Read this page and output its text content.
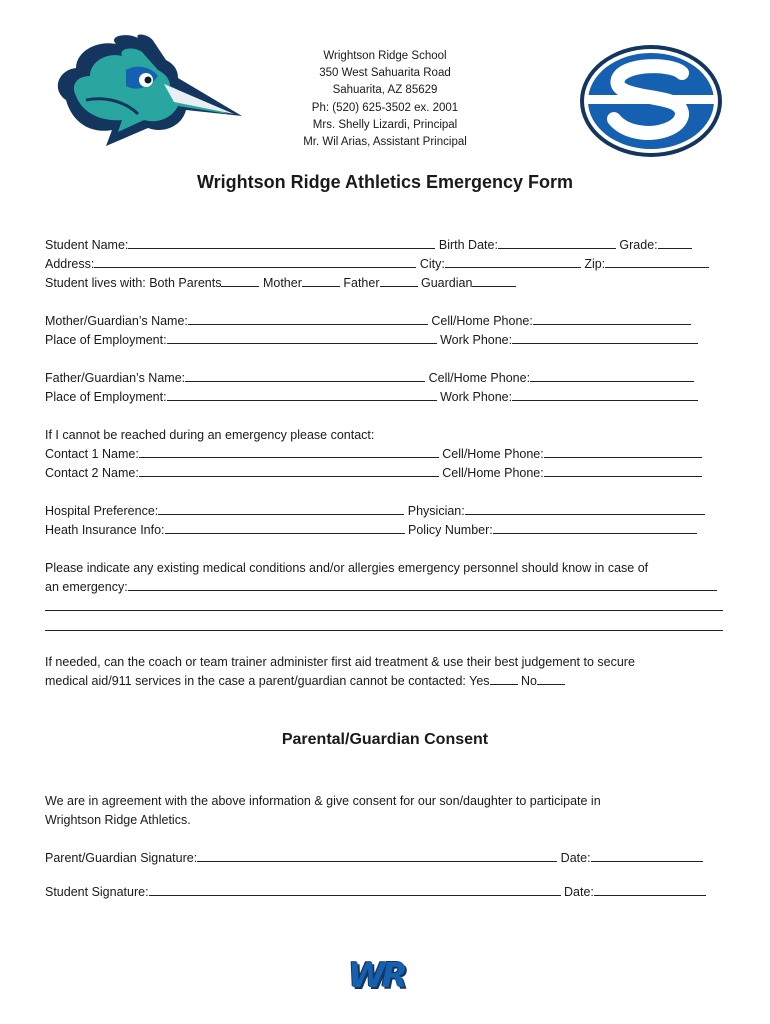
Wrightson Ridge School
350 West Sahuarita Road
Sahuarita, AZ 85629
Ph: (520) 625-3502 ex. 2001
Mrs. Shelly Lizardi, Principal
Mr. Wil Arias, Assistant Principal
Wrightson Ridge Athletics Emergency Form
Student Name:	Birth Date:	Grade:
Address:	City:	Zip:
Student lives with: Both Parents	Mother	Father	Guardian
Mother/Guardian’s Name:	Cell/Home Phone:
Place of Employment:	Work Phone:
Father/Guardian’s Name:	Cell/Home Phone:
Place of Employment:	Work Phone:
If I cannot be reached during an emergency please contact:
Contact 1 Name:	Cell/Home Phone:
Contact 2 Name:	Cell/Home Phone:
Hospital Preference:	Physician:
Heath Insurance Info:	Policy Number:
Please indicate any existing medical conditions and/or allergies emergency personnel should know in case of
an emergency:
If needed, can the coach or team trainer administer first aid treatment & use their best judgement to secure
medical aid/911 services in the case a parent/guardian cannot be contacted: Yes	No
Parental/Guardian Consent
We are in agreement with the above information & give consent for our son/daughter to participate in
Wrightson Ridge Athletics.
Parent/Guardian Signature:	Date:
Student Signature:	Date:
WR
